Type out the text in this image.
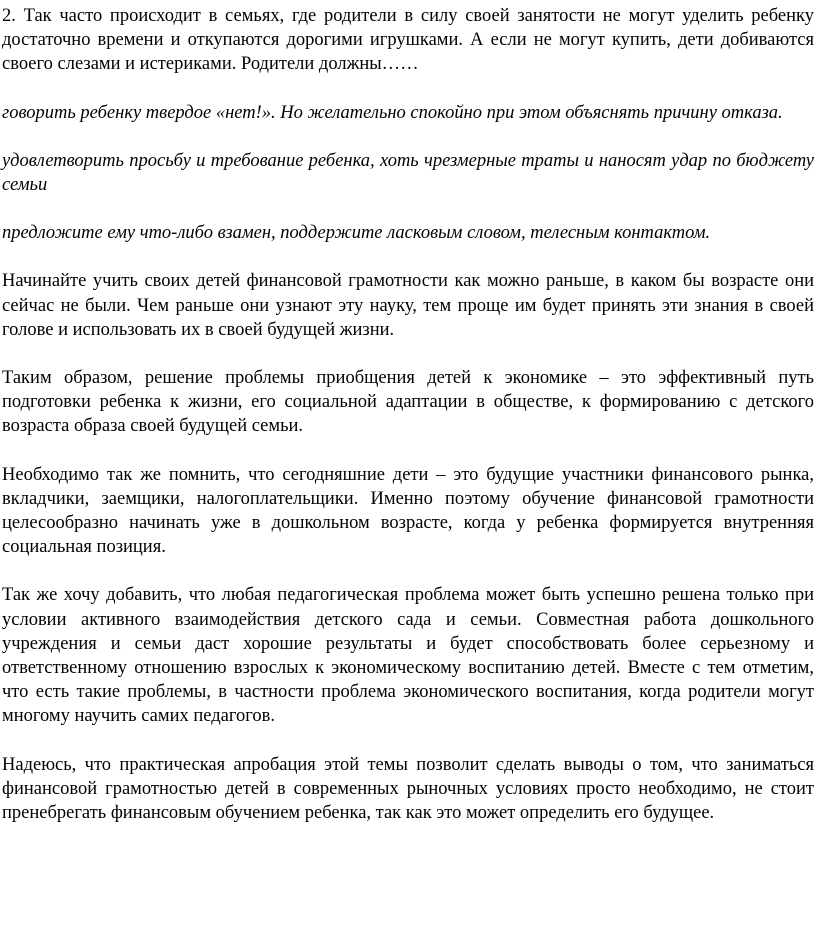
2. Так часто происходит в семьях, где родители в силу своей занятости не могут уделить ребенку достаточно времени и откупаются дорогими игрушками. А если не могут купить, дети добиваются своего слезами и истериками. Родители должны……

говорить ребенку твердое «нет!». Но желательно спокойно при этом объяснять причину отказа.

удовлетворить просьбу и требование ребенка, хоть чрезмерные траты и наносят удар по бюджету семьи

предложите ему что-либо взамен, поддержите ласковым словом, телесным контактом.

Начинайте учить своих детей финансовой грамотности как можно раньше, в каком бы возрасте они сейчас не были. Чем раньше они узнают эту науку, тем проще им будет принять эти знания в своей голове и использовать их в своей будущей жизни.

Таким образом, решение проблемы приобщения детей к экономике – это эффективный путь подготовки ребенка к жизни, его социальной адаптации в обществе, к формированию с детского возраста образа своей будущей семьи.

Необходимо так же помнить, что сегодняшние дети – это будущие участники финансового рынка, вкладчики, заемщики, налогоплательщики. Именно поэтому обучение финансовой грамотности целесообразно начинать уже в дошкольном возрасте, когда у ребенка формируется внутренняя социальная позиция.

Так же хочу добавить, что любая педагогическая проблема может быть успешно решена только при условии активного взаимодействия детского сада и семьи. Совместная работа дошкольного учреждения и семьи даст хорошие результаты и будет способствовать более серьезному и ответственному отношению взрослых к экономическому воспитанию детей. Вместе с тем отметим, что есть такие проблемы, в частности проблема экономического воспитания, когда родители могут многому научить самих педагогов.

Надеюсь, что практическая апробация этой темы позволит сделать выводы о том, что заниматься финансовой грамотностью детей в современных рыночных условиях просто необходимо, не стоит пренебрегать финансовым обучением ребенка, так как это может определить его будущее.
